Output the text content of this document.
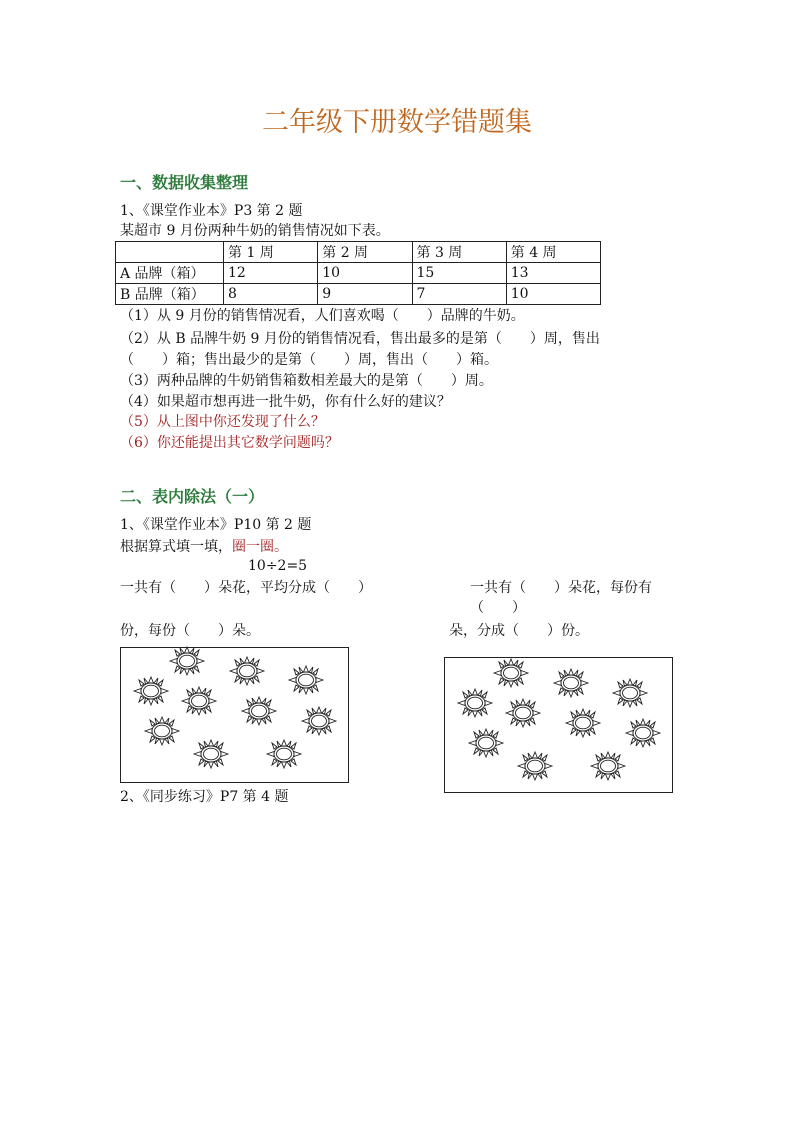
二年级下册数学错题集
一、数据收集整理
1、《课堂作业本》P3 第 2 题
某超市 9 月份两种牛奶的销售情况如下表。
	第 1 周	第 2 周	第 3 周	第 4 周
A 品牌（箱）	12	10	15	13
B 品牌（箱）	8	9	7	10
（1）从 9 月份的销售情况看，人们喜欢喝（　　）品牌的牛奶。
（2）从 B 品牌牛奶 9 月份的销售情况看，售出最多的是第（　　）周，售出
（　　）箱；售出最少的是第（　　）周，售出（　　）箱。
（3）两种品牌的牛奶销售箱数相差最大的是第（　　）周。
（4）如果超市想再进一批牛奶，你有什么好的建议？
（5）从上图中你还发现了什么？
（6）你还能提出其它数学问题吗？
二、表内除法（一）
1、《课堂作业本》P10 第 2 题
根据算式填一填，圈一圈。
10÷2=5
一共有（　　）朵花，平均分成（　　）
份，每份（　　）朵。
一共有（　　）朵花，每份有
（　　）
朵，分成（　　）份。
2、《同步练习》P7 第 4 题
